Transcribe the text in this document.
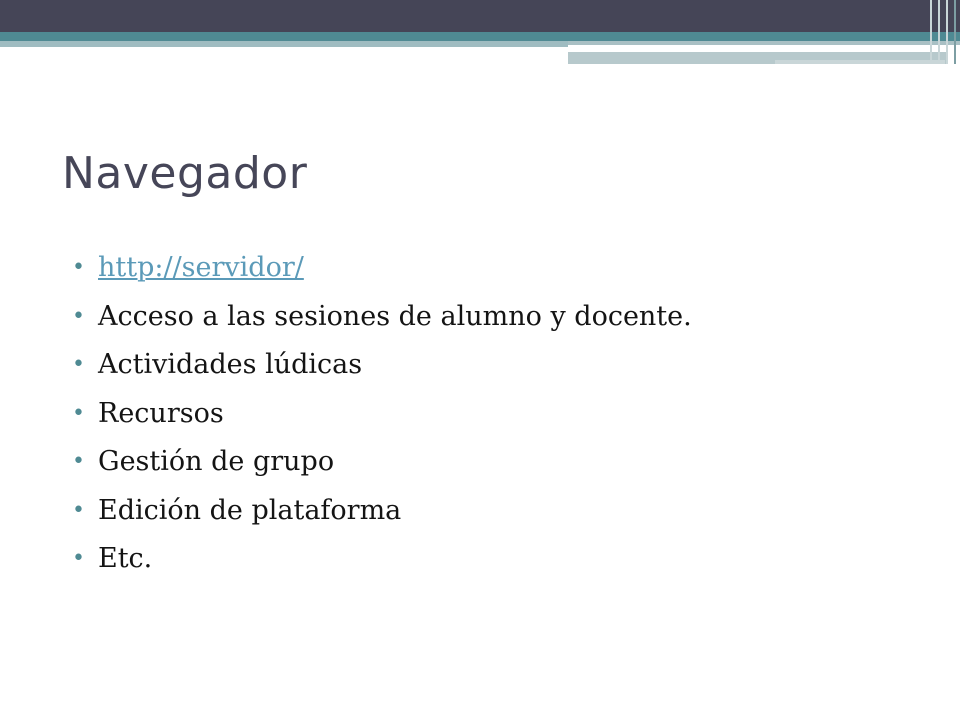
Navegador
• http://servidor/
• Acceso a las sesiones de alumno y docente.
• Actividades lúdicas
• Recursos
• Gestión de grupo
• Edición de plataforma
• Etc.
